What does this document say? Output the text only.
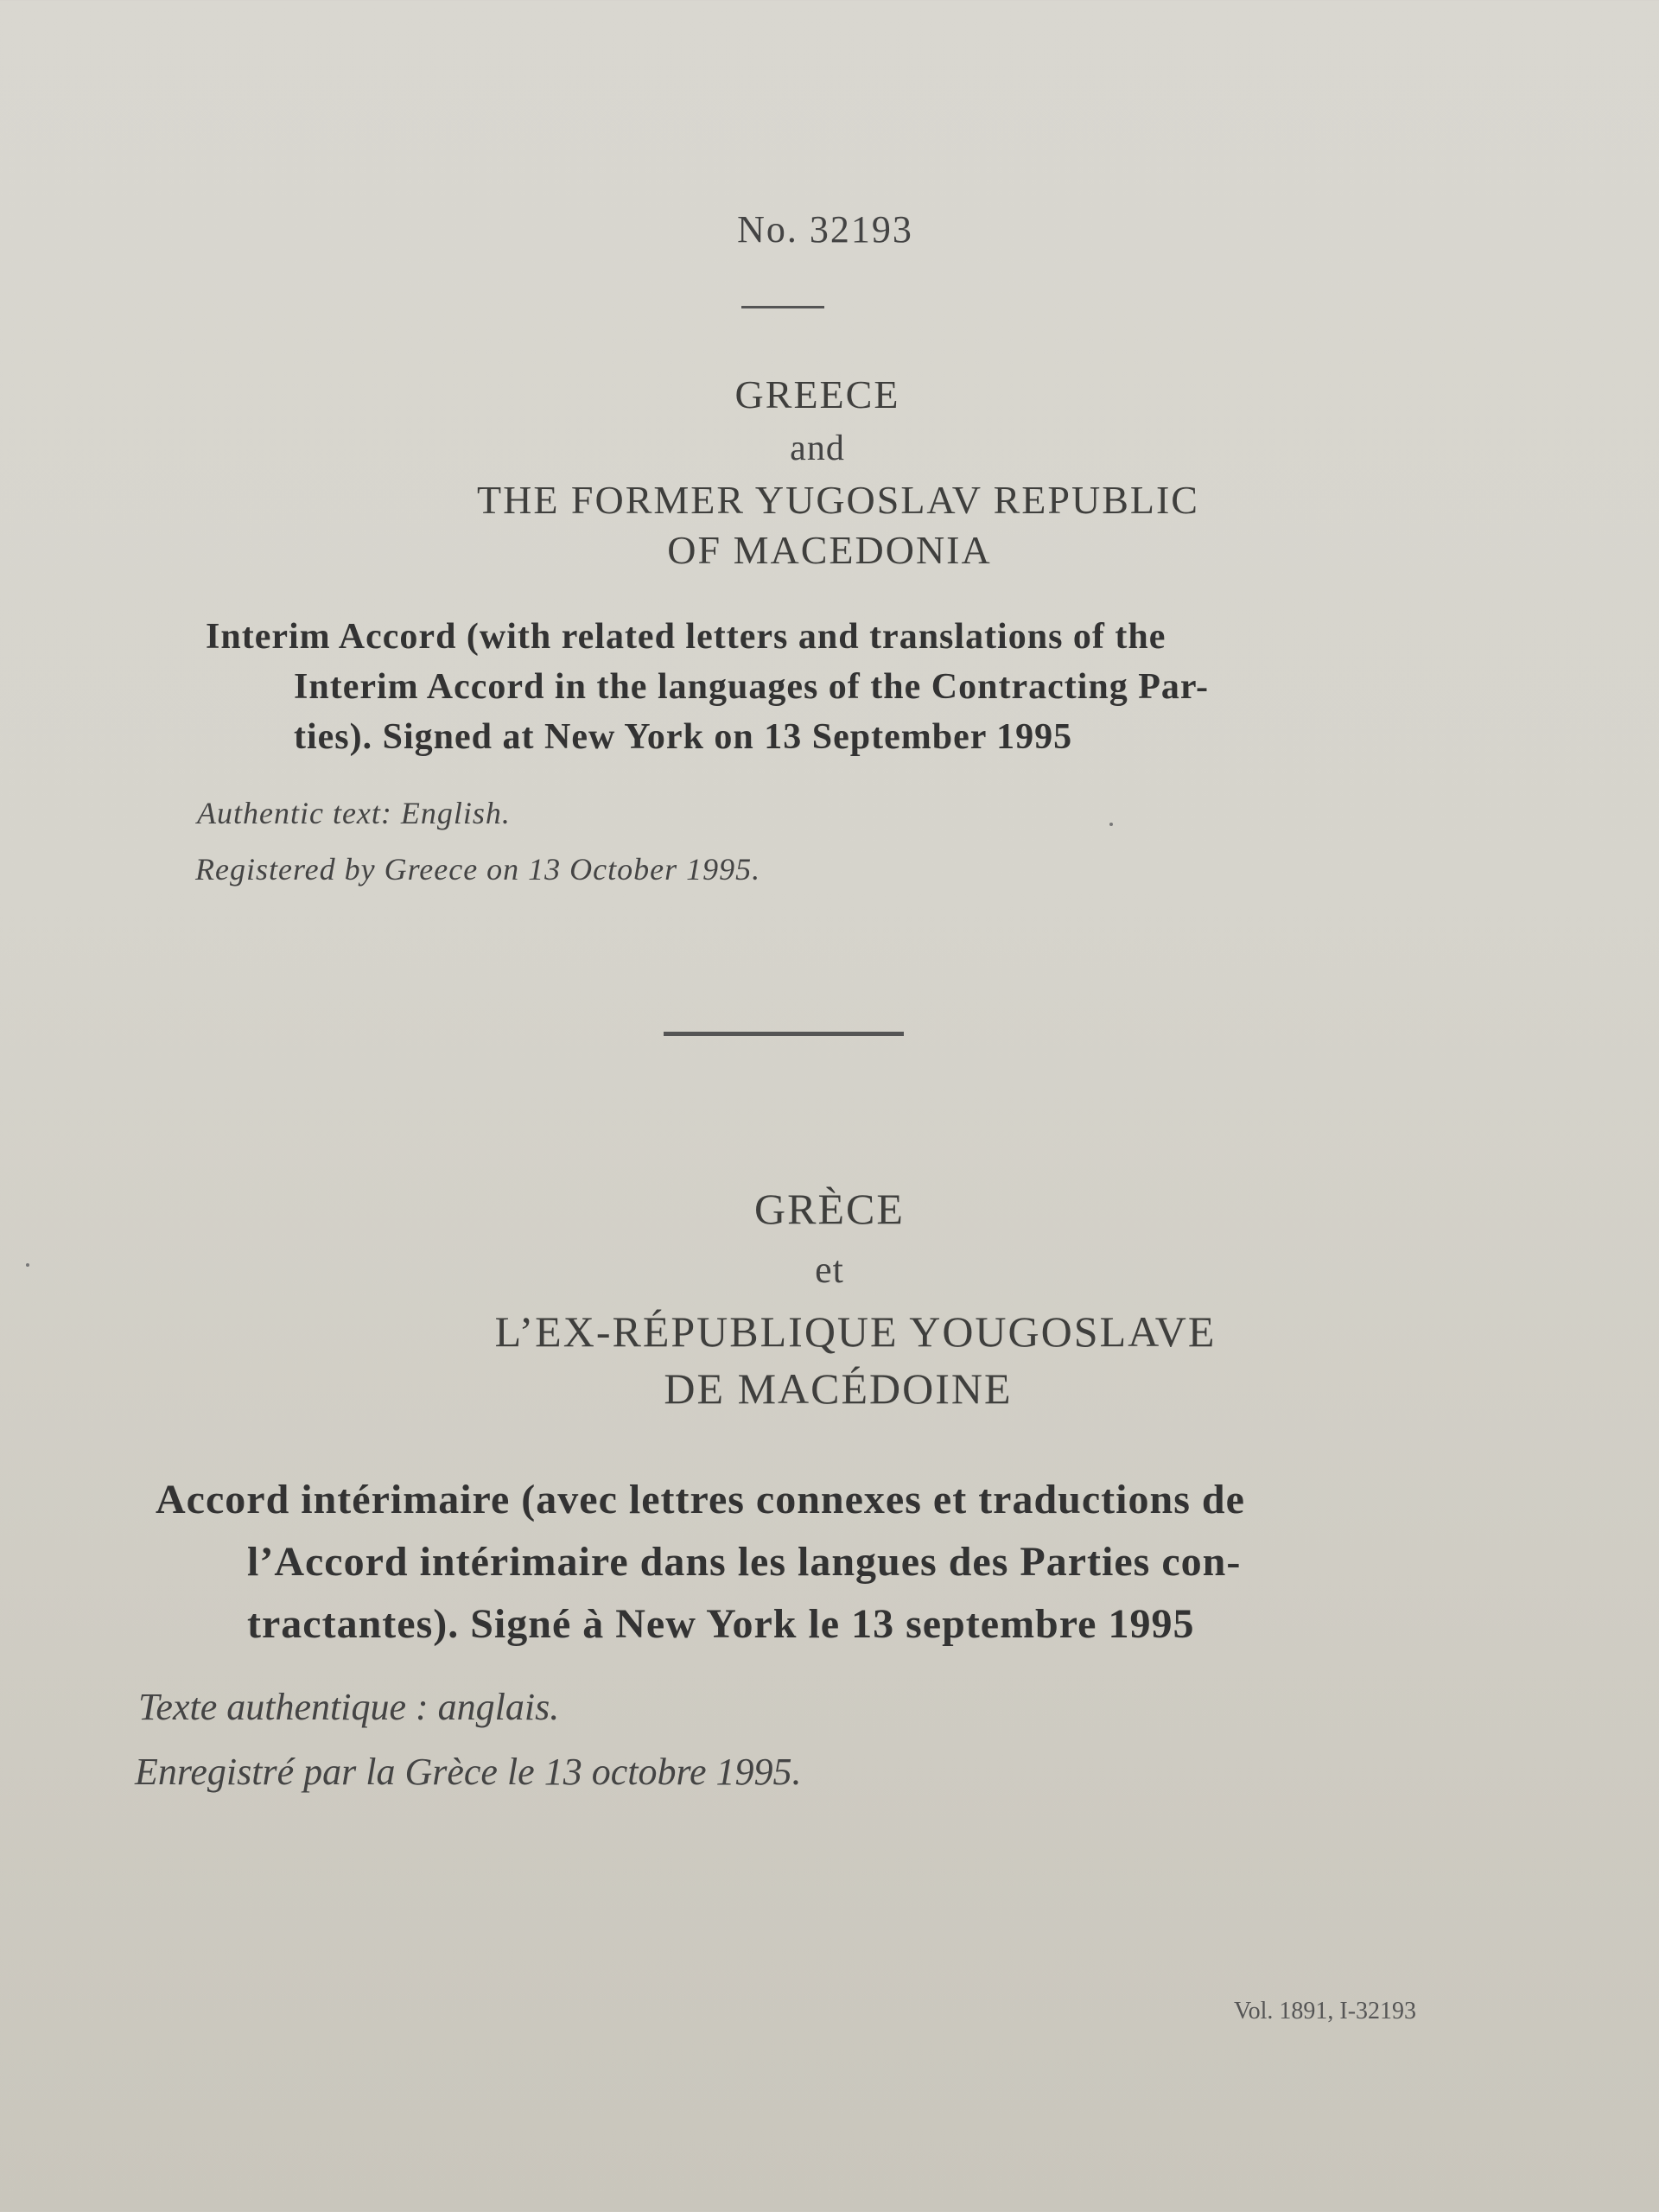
No. 32193
GREECE
and
THE FORMER YUGOSLAV REPUBLIC
OF MACEDONIA
Interim Accord (with related letters and translations of the
Interim Accord in the languages of the Contracting Par-
ties). Signed at New York on 13 September 1995
Authentic text: English.
Registered by Greece on 13 October 1995.
GRÈCE
et
L’EX-RÉPUBLIQUE YOUGOSLAVE
DE MACÉDOINE
Accord intérimaire (avec lettres connexes et traductions de
l’Accord intérimaire dans les langues des Parties con-
tractantes). Signé à New York le 13 septembre 1995
Texte authentique : anglais.
Enregistré par la Grèce le 13 octobre 1995.
Vol. 1891, I-32193
